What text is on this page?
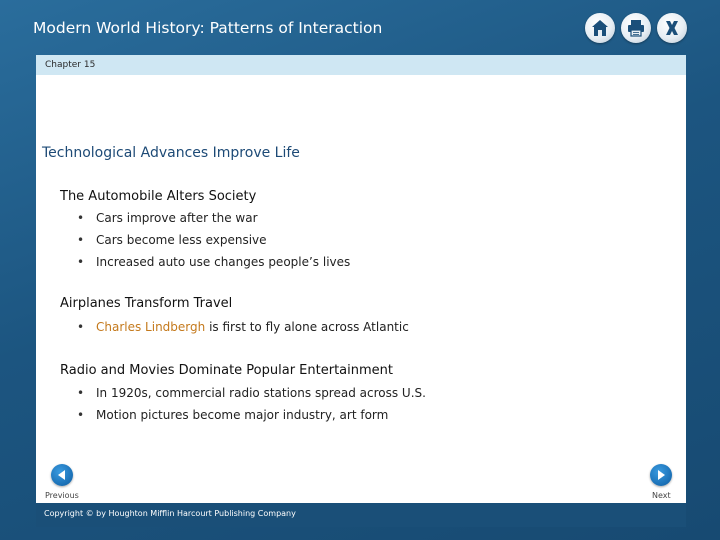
Modern World History: Patterns of Interaction
Chapter 15
Technological Advances Improve Life
The Automobile Alters Society
• Cars improve after the war
• Cars become less expensive
• Increased auto use changes people’s lives
Airplanes Transform Travel
• Charles Lindbergh is first to fly alone across Atlantic
Radio and Movies Dominate Popular Entertainment
• In 1920s, commercial radio stations spread across U.S.
• Motion pictures become major industry, art form
Previous	Next
Copyright © by Houghton Mifflin Harcourt Publishing Company
